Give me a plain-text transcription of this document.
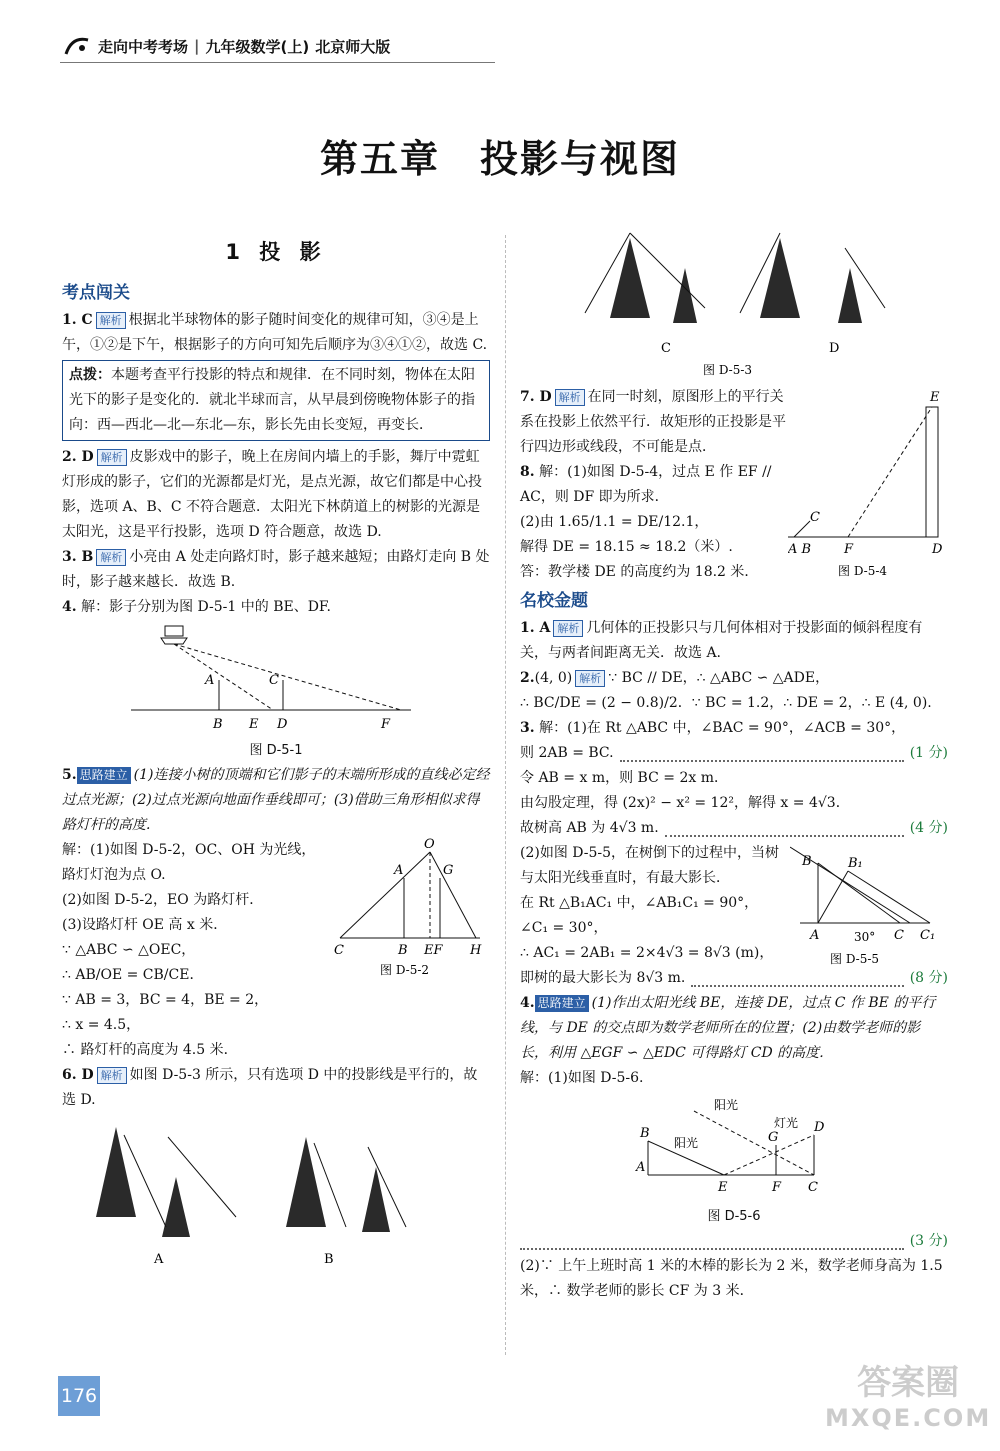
走向中考考场 | 九年级数学(上) 北京师大版
第五章 投影与视图
1 投 影
考点闯关

1. C 解析 根据北半球物体的影子随时间变化的规律可知，③④是上午，①②是下午，根据影子的方向可知先后顺序为③④①②，故选 C.

点拨：本题考查平行投影的特点和规律．在不同时刻，物体在太阳光下的影子是变化的．就北半球而言，从早晨到傍晚物体影子的指向：西—西北—北—东北—东，影长先由长变短，再变长．

2. D 解析 皮影戏中的影子，晚上在房间内墙上的手影，舞厅中霓虹灯形成的影子，它们的光源都是灯光，是点光源，故它们都是中心投影，选项 A、B、C 不符合题意．太阳光下林荫道上的树影的光源是太阳光，这是平行投影，选项 D 符合题意，故选 D.

3. B 解析 小亮由 A 处走向路灯时，影子越来越短；由路灯走向 B 处时，影子越来越长．故选 B.

4. 解：影子分别为图 D-5-1 中的 BE、DF.

A	C
B E D	F
图 D-5-1

5. 思路建立 (1)连接小树的顶端和它们影子的末端所形成的直线必定经过点光源；(2)过点光源向地面作垂线即可；(3)借助三角形相似求得路灯杆的高度.

解：(1)如图 D-5-2，OC、OH 为光线，

路灯灯泡为点 O.

(2)如图 D-5-2，EO 为路灯杆．

(3)设路灯杆 OE 高 x 米．

∵ △ABC ∽ △OEC，

∴ AB/OE = CB/CE．

∵ AB = 3，BC = 4，BE = 2，

∴ x = 4.5，

∴ 路灯杆的高度为 4.5 米．

O
A	G
C	B EF H
图 D-5-2

6. D 解析 如图 D-5-3 所示，只有选项 D 中的投影线是平行的，故选 D.

A	B
C	D
图 D-5-3

7. D 解析 在同一时刻，原图形上的平行关系在投影上依然平行．故矩形的正投影是平行四边形或线段，不可能是点．

8. 解：(1)如图 D-5-4，过点 E 作 EF // AC，则 DF 即为所求．

(2)由 1.65/1.1 = DE/12.1，

解得 DE = 18.15 ≈ 18.2（米）.

答：教学楼 DE 的高度约为 18.2 米．

E
C
A B	F	D
图 D-5-4
名校金题

1. A 解析 几何体的正投影只与几何体相对于投影面的倾斜程度有关，与两者间距离无关．故选 A.

2.(4, 0) 解析 ∵ BC // DE，∴ △ABC ∽ △ADE，

∴ BC/DE = (2 − 0.8)/2．∵ BC = 1.2，∴ DE = 2，∴ E (4, 0).

3. 解：(1)在 Rt △ABC 中，∠BAC = 90°，∠ACB = 30°，

则 2AB = BC.	(1 分)

令 AB = x m，则 BC = 2x m．

由勾股定理，得 (2x)² − x² = 12²，解得 x = 4√3．

故树高 AB 为 4√3 m.	(4 分)

(2)如图 D-5-5，在树倒下的过程中，当树与太阳光线垂直时，有最大影长．

在 Rt △B₁AC₁ 中，∠AB₁C₁ = 90°，∠C₁ = 30°，

∴ AC₁ = 2AB₁ = 2×4√3 = 8√3 (m)，

B	B₁
A	30° C C₁
图 D-5-5
即树的最大影长为 8√3 m.	(8 分)

4. 思路建立 (1)作出太阳光线 BE，连接 DE，过点 C 作 BE 的平行线，与 DE 的交点即为数学老师所在的位置；(2)由数学老师的影长，利用 △EGF ∽ △EDC 可得路灯 CD 的高度．

解：(1)如图 D-5-6.

阳光
灯光
阳光
B	G
D
A
E	F C
图 D-5-6
(3 分)

(2)∵ 上午上班时高 1 米的木棒的影长为 2 米，数学老师身高为 1.5 米，∴ 数学老师的影长 CF 为 3 米．

176	答案圈
MXQE.COM
